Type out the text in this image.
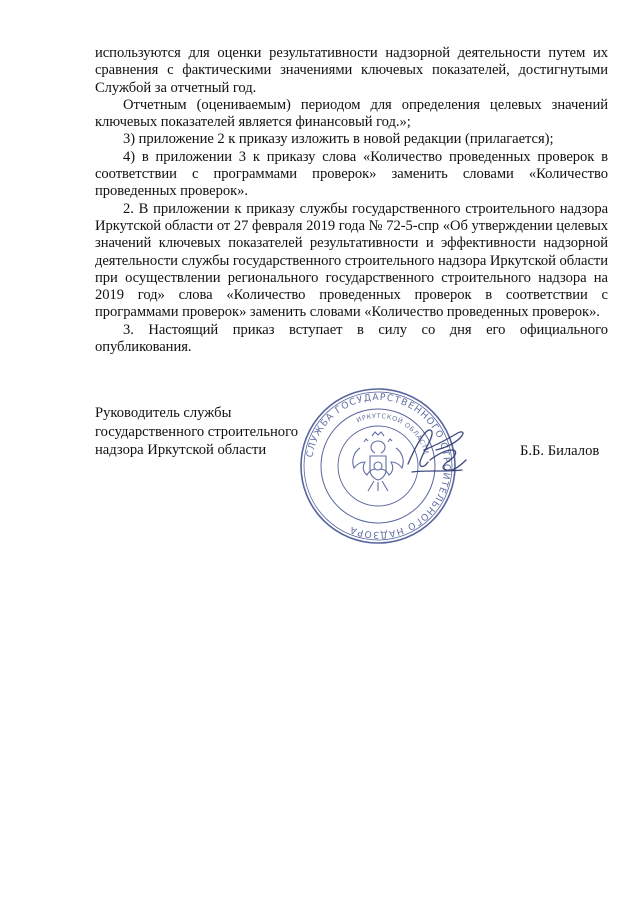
используются для оценки результативности надзорной деятельности путем их сравнения с фактическими значениями ключевых показателей, достигнутыми Службой за отчетный год.

Отчетным (оцениваемым) периодом для определения целевых значений ключевых показателей является финансовый год.»;

3) приложение 2 к приказу изложить в новой редакции (прилагается);

4) в приложении 3 к приказу слова «Количество проведенных проверок в соответствии с программами проверок» заменить словами «Количество проведенных проверок».

2. В приложении к приказу службы государственного строительного надзора Иркутской области от 27 февраля 2019 года № 72-5-спр «Об утверждении целевых значений ключевых показателей результативности и эффективности надзорной деятельности службы государственного строительного надзора Иркутской области при осуществлении регионального государственного строительного надзора на 2019 год» слова «Количество проведенных проверок в соответствии с программами проверок» заменить словами «Количество проведенных проверок».

3. Настоящий приказ вступает в силу со дня его официального опубликования.

Руководитель службы
государственного строительного
надзора Иркутской области	СЛУЖБА ГОСУДАРСТВЕННОГО СТРОИТЕЛЬНОГО НАДЗОРА
ИРКУТСКОЙ ОБЛАСТИ	Б.Б. Билалов
